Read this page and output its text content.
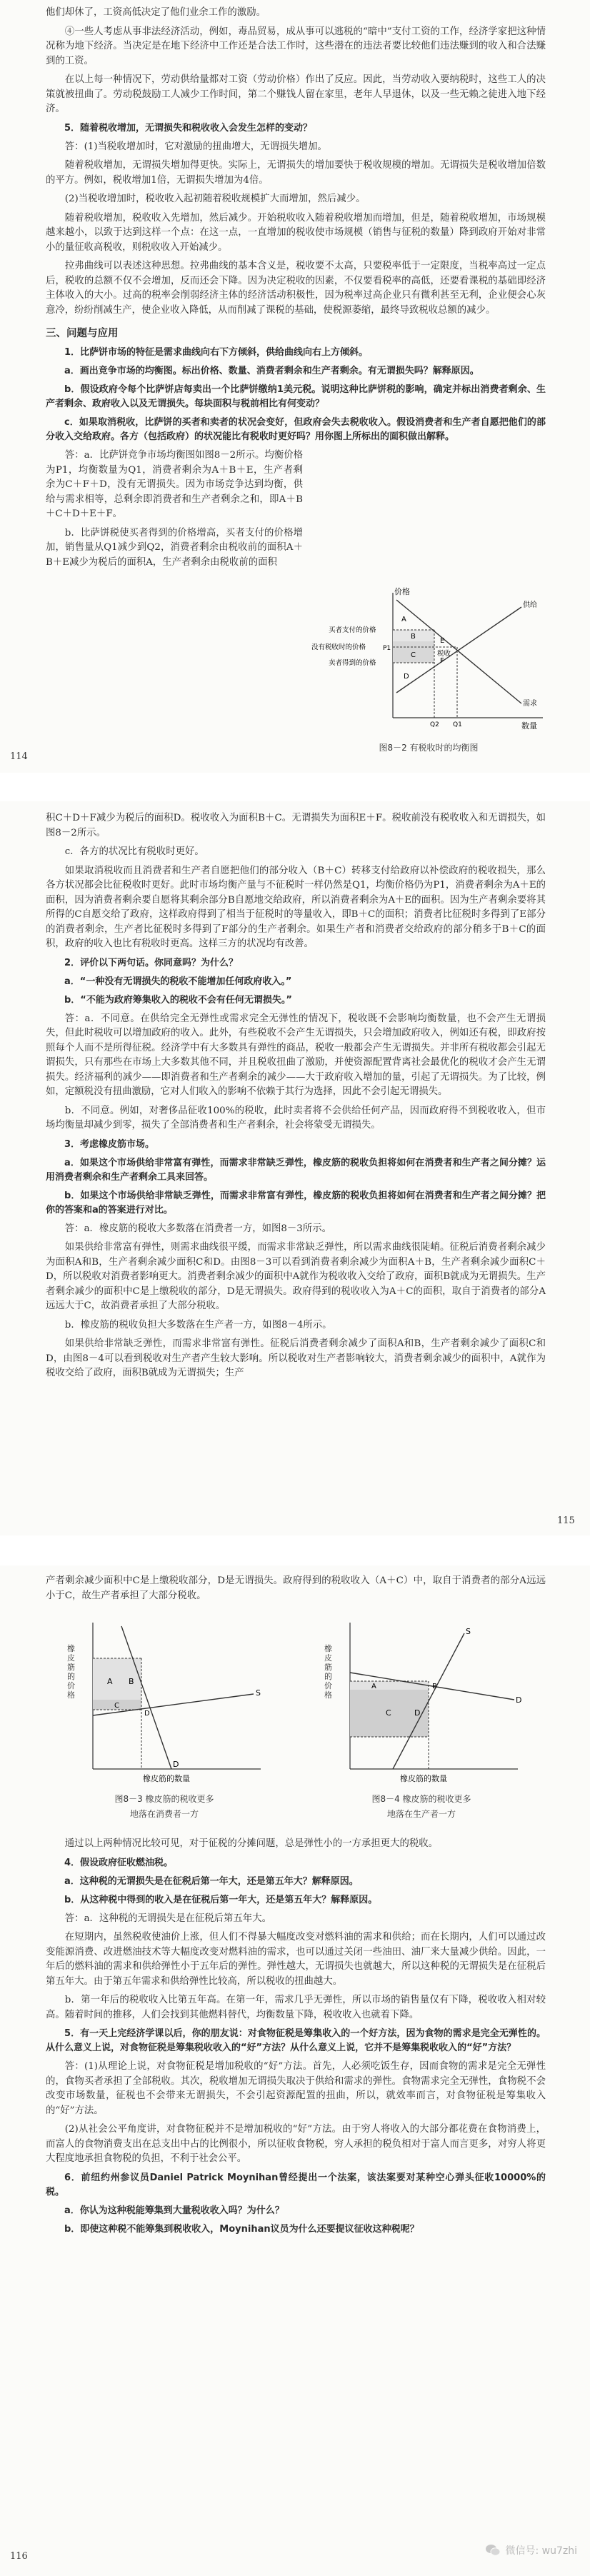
他们却休了，工资高低决定了他们业余工作的激励。

④一些人考虑从事非法经济活动，例如，毒品贸易，成从事可以逃税的“暗中”支付工资的工作，经济学家把这种情况称为地下经济。当决定是在地下经济中工作还是合法工作时，这些潜在的违法者要比较他们违法赚到的收入和合法赚到的工资。

在以上每一种情况下，劳动供给量都对工资（劳动价格）作出了反应。因此，当劳动收入要纳税时，这些工人的决策就被扭曲了。劳动税鼓励工人减少工作时间，第二个赚钱人留在家里，老年人早退休，以及一些无赖之徒进入地下经济。

5．随着税收增加，无谓损失和税收收入会发生怎样的变动？

答：(1)当税收增加时，它对激励的扭曲增大，无谓损失增加。

随着税收增加，无谓损失增加得更快。实际上，无谓损失的增加要快于税收规模的增加。无谓损失是税收增加倍数的平方。例如，税收增加1倍，无谓损失增加为4倍。

(2)当税收增加时，税收收入起初随着税收规模扩大而增加，然后减少。

随着税收增加，税收收入先增加，然后减少。开始税收收入随着税收增加而增加，但是，随着税收增加，市场规模越来越小，以致于达到这样一个点：在这一点，一直增加的税收使市场规模（销售与征税的数量）降到政府开始对非常小的量征收高税收，则税收收入开始减少。

拉弗曲线可以表述这种思想。拉弗曲线的基本含义是，税收要不太高，只要税率低于一定限度，当税率高过一定点后，税收的总额不仅不会增加，反而还会下降。因为决定税收的因素，不仅要看税率的高低，还要看课税的基础即经济主体收入的大小。过高的税率会削弱经济主体的经济活动积极性，因为税率过高企业只有微利甚至无利，企业便会心灰意冷，纷纷削减生产，使企业收入降低，从而削减了课税的基础，使税源萎缩，最终导致税收总额的减少。

三、问题与应用

1．比萨饼市场的特征是需求曲线向右下方倾斜，供给曲线向右上方倾斜。

a．画出竞争市场的均衡图。标出价格、数量、消费者剩余和生产者剩余。有无谓损失吗？解释原因。

b．假设政府令每个比萨饼店每卖出一个比萨饼缴纳1美元税。说明这种比萨饼税的影响，确定并标出消费者剩余、生产者剩余、政府收入以及无谓损失。每块面积与税前相比有何变动？

c．如果取消税收，比萨饼的买者和卖者的状况会变好，但政府会失去税收收入。假设消费者和生产者自愿把他们的部分收入交给政府。各方（包括政府）的状况能比有税收时更好吗？用你图上所标出的面积做出解释。

答：a．比萨饼竞争市场均衡图如图8－2所示。均衡价格为P1，均衡数量为Q1，消费者剩余为A＋B＋E，生产者剩余为C＋F＋D，没有无谓损失。因为市场竞争达到均衡，供给与需求相等，总剩余即消费者和生产者剩余之和，即A＋B＋C＋D＋E＋F。

b．比萨饼税使买者得到的价格增高，买者支付的价格增加，销售量从Q1减少到Q2，消费者剩余由税收前的面积A＋B＋E减少为税后的面积A，生产者剩余由税收前的面积

价格
数量
供给
需求
买者支付的价格
没有税收时的价格
卖者得到的价格
税收
A
B
C
D
E
F
P1
Q2 Q1
图8－2 有税收时的均衡图
114

积C＋D＋F减少为税后的面积D。税收收入为面积B＋C。无谓损失为面积E＋F。税收前没有税收收入和无谓损失，如图8－2所示。

c．各方的状况比有税收时更好。

如果取消税收而且消费者和生产者自愿把他们的部分收入（B＋C）转移支付给政府以补偿政府的税收损失，那么各方状况都会比征税收时更好。此时市场均衡产量与不征税时一样仍然是Q1，均衡价格仍为P1，消费者剩余为A＋E的面积，因为消费者剩余要自愿将其剩余部分B自愿地交给政府，所以消费者剩余为A＋E的面积。因为生产者剩余要将其所得的C自愿交给了政府，这样政府得到了相当于征税时的等量收入，即B＋C的面积；消费者比征税时多得到了E部分的消费者剩余，生产者比征税时多得到了F部分的生产者剩余。如果生产者和消费者交给政府的部分稍多于B＋C的面积，政府的收入也比有税收时更高。这样三方的状况均有改善。

2．评价以下两句话。你同意吗？为什么？

a．“一种没有无谓损失的税收不能增加任何政府收入。”

b．“不能为政府筹集收入的税收不会有任何无谓损失。”

答：a．不同意。在供给完全无弹性或需求完全无弹性的情况下，税收既不会影响均衡数量，也不会产生无谓损失，但此时税收可以增加政府的收入。此外，有些税收不会产生无谓损失，只会增加政府收入，例如还有税，即政府按照每个人而不是所得征税。经济学中有大多数具有弹性的商品，税收一般都会产生无谓损失。并非所有税收都会引起无谓损失，只有那些在市场上大多数其他不同，并且税收扭曲了激励，并使资源配置背离社会最优化的税收才会产生无谓损失。经济福利的减少——即消费者和生产者剩余的减少——大于政府收入增加的量，引起了无谓损失。为了比较，例如，定额税没有扭曲激励，它对人们收入的影响不依赖于其行为选择，因此不会引起无谓损失。

b．不同意。例如，对奢侈品征收100%的税收，此时卖者将不会供给任何产品，因而政府得不到税收收入，但市场均衡量却减少到零，损失了全部消费者和生产者剩余，社会将蒙受无谓损失。

3．考虑橡皮筋市场。

a．如果这个市场供给非常富有弹性，而需求非常缺乏弹性，橡皮筋的税收负担将如何在消费者和生产者之间分摊？运用消费者剩余和生产者剩余工具来回答。

b．如果这个市场供给非常缺乏弹性，而需求非常富有弹性，橡皮筋的税收负担将如何在消费者和生产者之间分摊？把你的答案和a的答案进行对比。

答：a．橡皮筋的税收大多数落在消费者一方，如图8－3所示。

如果供给非常富有弹性，则需求曲线很平缓，而需求非常缺乏弹性，所以需求曲线很陡峭。征税后消费者剩余减少为面积A和B，生产者剩余减少面积C和D。由图8－3可以看到消费者剩余减少为面积A＋B，生产者剩余减少面积C＋D，所以税收对消费者影响更大。消费者剩余减少的面积中A就作为税收收入交给了政府，面积B就成为无谓损失。生产者剩余减少的面积中C是上缴税收的部分，D是无谓损失。政府得到的税收收入为A＋C的面积，取自于消费者的部分A远远大于C，故消费者承担了大部分税收。

b．橡皮筋的税收负担大多数落在生产者一方，如图8－4所示。

如果供给非常缺乏弹性，而需求非常富有弹性。征税后消费者剩余减少了面积A和B，生产者剩余减少了面积C和D，由图8－4可以看到税收对生产者产生较大影响。所以税收对生产者影响较大，消费者剩余减少的面积中，A就作为税收交给了政府，面积B就成为无谓损失；生产

115

产者剩余减少面积中C是上缴税收部分，D是无谓损失。政府得到的税收收入（A＋C）中，取自于消费者的部分A远远小于C，故生产者承担了大部分税收。

A B
C
D
S
D
橡皮筋的数量
橡皮筋的价格
图8－3 橡皮筋的税收更多
地落在消费者一方
A	B
C	D
S
D
橡皮筋的数量
橡皮筋的价格
图8－4 橡皮筋的税收更多
地落在生产者一方

通过以上两种情况比较可见，对于征税的分摊问题，总是弹性小的一方承担更大的税收。

4．假设政府征收燃油税。

a．这种税的无谓损失是在征税后第一年大，还是第五年大？解释原因。

b．从这种税中得到的收入是在征税后第一年大，还是第五年大？解释原因。

答：a．这种税的无谓损失是在征税后第五年大。

在短期内，虽然税收使油价上涨，但人们不得暴大幅度改变对燃料油的需求和供给；而在长期内，人们可以通过改变能源消费、改进燃油技术等大幅度改变对燃料油的需求，也可以通过关闭一些油田、油厂来大量减少供给。因此，一年后的燃料油的需求和供给弹性小于五年后的弹性。弹性越大，无谓损失也就越大，所以这种税的无谓损失是在征税后第五年大。由于第五年需求和供给弹性比较高，所以税收的扭曲越大。

b．第一年后的税收收入比第五年高。在第一年，需求几乎无弹性，所以市场的销售量仅有下降，税收收入相对较高。随着时间的推移，人们会找到其他燃料替代，均衡数量下降，税收收入也就着下降。

5．有一天上完经济学课以后，你的朋友说：对食物征税是筹集收入的一个好方法，因为食物的需求是完全无弹性的。从什么意义上说，对食物征税是筹集税收收入的“好”方法？从什么意义上说，它并不是筹集税收收入的“好”方法？

答：(1)从理论上说，对食物征税是增加税收的“好”方法。首先，人必须吃饭生存，因而食物的需求是完全无弹性的，食物买者承担了全部税收。其次，税收增加无谓损失取决于供给和需求的弹性。食物需求完全无弹性，食物税不会改变市场数量，征税也不会带来无谓损失，不会引起资源配置的扭曲，所以，就效率而言，对食物征税是筹集收入的“好”方法。

(2)从社会公平角度讲，对食物征税并不是增加税收的“好”方法。由于穷人将收入的大部分都花费在食物消费上，而富人的食物消费支出在总支出中占的比例很小，所以征收食物税，穷人承担的税负相对于富人而言更多，对穷人将更大程度地承担食物税的负担，不利于社会公平。

6．前纽约州参议员Daniel Patrick Moynihan曾经提出一个法案，该法案要对某种空心弹头征收10000%的税。

a．你认为这种税能筹集到大量税收收入吗？为什么？

b．即使这种税不能筹集到税收收入，Moynihan议员为什么还要提议征收这种税呢？

116	微信号: wu7zhi
